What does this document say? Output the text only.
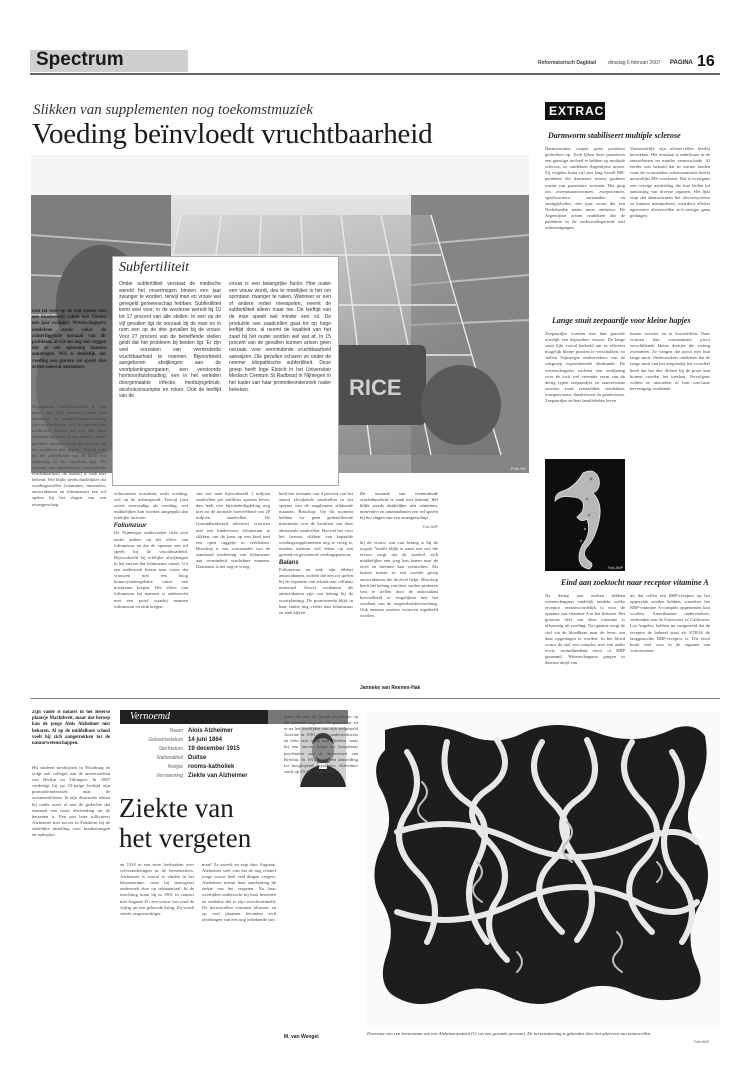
Spectrum	Reformatorisch Dagblad dinsdag 6 februari 2007 PAGINA 16
Slikken van supplementen nog toekomstmuziek
Voeding beïnvloedt vruchtbaarheid
RICE
Foto RD
Subfertiliteit
Onder subfertiliteit verstaat de medische wereld het onvermogen binnen een jaar zwanger te worden, terwijl man en vrouw wel geregeld gemeenschap hebben. Subfertiliteit komt veel voor; in de westerse wereld bij 10 tot 17 procent van alle stellen. In een op de vijf gevallen ligt de oorzaak bij de man en in ruim een op de drie gevallen bij de vrouw. Voor 27 procent van de betreffende stellen geldt dat het probleem bij beiden ligt. Er zijn veel oorzaken van verminderde vruchtbaarheid te noemen. Bijvoorbeeld aangeboren afwijkingen aan de voortplantingsorganen, een verstoorde hormoonhuishouding, een in het verleden doorgemaakte infectie, medicijngebruik, alcoholconsumptie en roken. Ook de leeftijd van de
vrouw is een belangrijke factor. Hoe ouder een vrouw wordt, des te moeilijker is het om spontaan zwanger te raken. Wanneer er een of andere reden meespelen, neemt de subfertiliteit alleen maar toe. De leeftijd van de man speelt wel minder een rol. De productie van zaadcellen gaat tot op hoge leeftijd door, al neemt de kwaliteit van het zaad bij het ouder worden wel wat af. In 15 procent van de gevallen kunnen artsen geen oorzaak voor verminderde vruchtbaarheid aanwijzen. Die gevallen scharen ze onder de noemer idiopathische subfertiliteit. Deze groep heeft Inge Ebisch in het Universitair Medisch Centrum St Radboud in Nijmegen in het kader van haar promotieonderzoek nader bekeken.
Een tot twee op de tien stellen met een kinderwens raken niet binnen een jaar zwanger. Wetenschappers ontdekten steeds vaker de achterliggende oorzaak van dit probleem, al wil dat nog niet zeggen dat er een oplossing kunnen aandragen. Wel is duidelijk dat voeding een grotere rol speelt dan artsen meestal aannamen.
Ongewenste kinderloosheid is een zware last. Veel mensen zoeken hun toevlucht tot reageerbuisbevruchting (in-vitrofertilisatie, ivf) en aanverwante methoden. Buiten het feit dat deze behandeling maar in een beperkt aantal gevallen aanslaat, wordt de oorzaak van het probleem niet gepakt. Terwijl juist bij het achterhalen van de bron een oplossing in het verschiet ligt. De oorzaak van subfertiliteit (verminderde vruchtbaarheid, de laatste) is vaak niet bekend. Wel blijkt steeds duidelijker dat voedingsstoffen (vitamines, mineralen, antioxidanten en foliumzuur) een rol spelen bij het slagen van een zwangerschap.
volutionaire oorzaken, zoals voeding, wel op de achtergrond. Terwijl juist zoiets eenvoudigs als voeding, wel makkelijker kan worden aangepakt dan erfelijke factoren.
Foliumzuur
De Nijmeegse onderzoeker richt zich onder andere op het effect van foliumzuur en dat de opname een rol speelt bij de vruchtbaarheid. Bijvoorbeeld bij erfelijke afwijkingen in het enzym dat foliumzuur omzet. Uit een onderzoek kwam naar voren dat vrouwen met een hoog homocysteïnegehalte vaker een miskraam kregen. Het effect van foliumzuur bij mannen is onderzocht met een proef waarbij mannen foliumzuur en zink kregen.
van een man bijvoorbeeld 1 miljoen zaadcellen per milliliter sperma bevat, dan leidt een bijzonderdigdeling nog niet tot de normale hoeveelheid van 20 miljoen zaadcellen. De Gezondheidsraad adviseert vrouwen met een kinderwens foliumzuur te slikken, om de kans op een kind met een open ruggetje te verkleinen. Bisschop is een voorstander van de standaard toediening van foliumzuur aan verminderd vruchtbare mannen. Daarnaast is het nog te vroeg.
heid een toename van 4 procent van het aantal afwijkende zaadcellen in het sperma van de supplement slikkende mannen. Bisschop: Op dit moment hebben we geen gedetailleerde informatie over de kwaliteit van deze abnormale zaadcellen. Hoewel het voor het bewust slikken van bepaalde voedingssupplementen nog te vroeg is, moeten mensen wel letten op een gezond en gevarieerd voedingspatroon.
Balans
Foliumzuur en zink zijn allebei antioxidanten, stoffen die een rol spelen bij de reparatie van schade aan cellulair materiaal. Zowel oxidanten als antioxidanten zijn van belang bij de voortplanting. De promovenda blijft in haar studie nog verder dan foliumzuur en zink kijken.
De oorzaak van verminderde vruchtbaarheid is vaak niet bekend. Wel blijkt steeds duidelijker dat vitamines, mineralen en antioxidanten een rol spelen bij het slagen van een zwangerschap.
Foto ANP
bij de vrouw, wat van belang is bij de zygote. Verder blijkt er naast een stof die ervoor zorgt dat de zaadcel zich makkelijker een weg kan banen naar de eicel en hiermee kan versmelten. Als laatste noemt ze een tweede groep antioxidanten die de eicel helpt. Bisschop heeft het belang van deze stoffen proberen vast te stellen door de antioxidant hoeveelheid te vergelijken met het resultaat van de reageerbuisbevruchting. Ook daarom moeten vrouwen ingedeeld worden.
Janneke van Reenen-Hak
EXTRACT
Darmworm stabiliseert multiple sclerose
Darmwormen roepen geen positieve gedachten op. Toch lijken deze parasieten een gunstige invloed te hebben op multiple sclerose, zo ontdekten Argentijnse artsen. Zij volgden bijna vijf jaar lang twaalf MS-patiënten die daarnaast tevens gastheer waren van parasitaire wormen. Het ging om zweepstaartwormen, zwepwormen, spoelwormen, aarsmaden en stronglyloides, een type worm die een Nederlandse naam moet ontberen. De Argentijnse artsen ontdekten dat de patiënten in de onderzoeksperiode niet achteruitgingen.
Vermoedelijk zijn afweercellen hierbij betrokken. Het resultaat is stabilisatie in de zenuwbanen en minder zenuwschade. Al eerder was bekend dat in warme landen waar de wormziekte schistosomiasis heerst nauwelijks MS voorkomt. Dat is overigens een overige aanleiding die kan leiden tot aantasting van diverse organen. Het lijkt erop dat darmwormen het afweersysteem zo kunnen manipuleren, waardoor allerlei agressieve afweercellen zich rustiger gaan gedragen.
Lange snuit zeepaardje voor kleine hapjes
Zeepaardjes vormen met hun graciele uiterlijk een bijzondere visoort. De lange snuit lijkt vooral bedoeld om zo efficiënt mogelijk kleine prooien te verschalken, zo stellen Nijmeegse onderzoekers van de vakgroep experimentele dierkunde. De wetenschappers zochten een verklaring voor de toch wel vreemde vorm van de dertig typen zeepaardjes en aanverwante soorten, zoals zeenaalden, zeedraken, trompetvissen, draakvissen en genetvissen. Zeepaardjes en hun familieleden leven
tussen zeewier en in koraalriffen. Daar vormen hun voornaamste prooi verschillende kleine diertjes die weinig zwemmen. Ze vangen die prooi met hun lange snuit. Onderzoekers ontdekten dat de lange snuit van het zeepaardje het voordeel heeft dat het dier dichter bij de prooi kan komen voordat het toeslaat. Vervolgens wilden ze uitzoeken of hun conclusie bevestiging verdiende.
Foto ANP
Eind aan zoektocht naar receptor vitamine A
Na dertig jaar zoeken hebben wetenschappers eindelijk ontdekt welke receptor verantwoordelijk is voor de opname van vitamine A in het lichaam. Het grootste deel van deze vitamine is afkomstig uit voeding. Na opname zorgt de stof via de bloedbaan naar de lever, om daar opgeslagen te worden. In het bloed vormt de stof een complex met een ander eiwit, retinolbindend eiwit of RBP genaamd. Wetenschappers gingen er daarom altijd van
uit dat cellen een RBP-receptor op het oppervlak zouden hebben, waardoor het RBP-vitamine A-complex opgenomen kon worden. Amerikaanse onderzoekers, verbonden aan de University of California, Los Angeles, hebben nu vastgesteld dat de receptor de bekend staat als STRA6 de langgezochte RBP-receptor is. Dit eiwit komt veel voor in de organen van volwassenen.
Zijn vader is notaris in het Beierse plaatsje Marktbreit, maar dat beroep kan de jonge Alois Alzheimer niet bekoren. Al op de middelbare school voelt hij zich aangetrokken tot de natuurwetenschappen.
Hij studeert medicijnen in Würzburg en volgt ook colleges aan de universiteiten van Berlijn en Tübingen. In 1887 verdedigt hij op 23-jarige leeftijd zijn promotieonderzoek naar de oorsmeerklieren. In zijn dissertatie tekent hij onder meer al met de gedachte dat eenmaal een nooit afscheiding uit de hersenen is. Een jaar later solliciteert Alzheimer met succes in Frankfurt bij de stedelijke instelling voor krankzinnigen en epileptici.
Vernoemd
Naam Alois Alzheimer
Geboortedatum 14 juni 1864
Sterfdatum 19 december 1915
Nationaliteit Duitse
Religie rooms-katholiek
Vernoeming Ziekte van Alzheimer
Ziekte van het vergeten
en 1918 in een serie leerboeken over celveranderingen in de hersenschors. Alzheimer is vooral te vinden in het laboratorium, waar hij nauwgezet onderzoek doet op celmateriaal. In de inrichting komt hij in 1901 in contact met Auguste D., een vrouw van rond de vijftig uit een gehuwde kring. Zij wordt steeds vergeetachtiger.
man? Ze aarzelt en zegt dan: Auguste. Alzheimer stelt vast dat de nog relatief jonge vrouw heel veel dingen vergeet. Alzheimer noemt haar aandoening de ziekte van het vergeten. Na haar overlijden onderzocht hij haar hersenen en ontdekte dat er zijn verschrommeld. De hersencellen vertonen kluwens en op veel plaatsen bevinden zich afzettingen van een nog onbekende stof.
maar dat sect de (terige psychiater op dat moment nog niet. De psychiater zit er na het overlijden van zijn welgesteld Josefine in 1901 in een onderzoeksreis en trekt zich terug naar Breslau, waar hij een functie krijgt als hoogleraar psychiatrie aan de universiteit van Breslau. In 1912 volgt een aanstelling tot hooglopend psychiater. Alzheimer sterft op 19 december 1915.
M. van Wengel
Doorsnee van een hersenstam van een Alzheimerpatiënt (11 ros een gezonde persoon). De hersenstenning is gekenden door het afsterven van zenuwcellen.
Foto ANP
